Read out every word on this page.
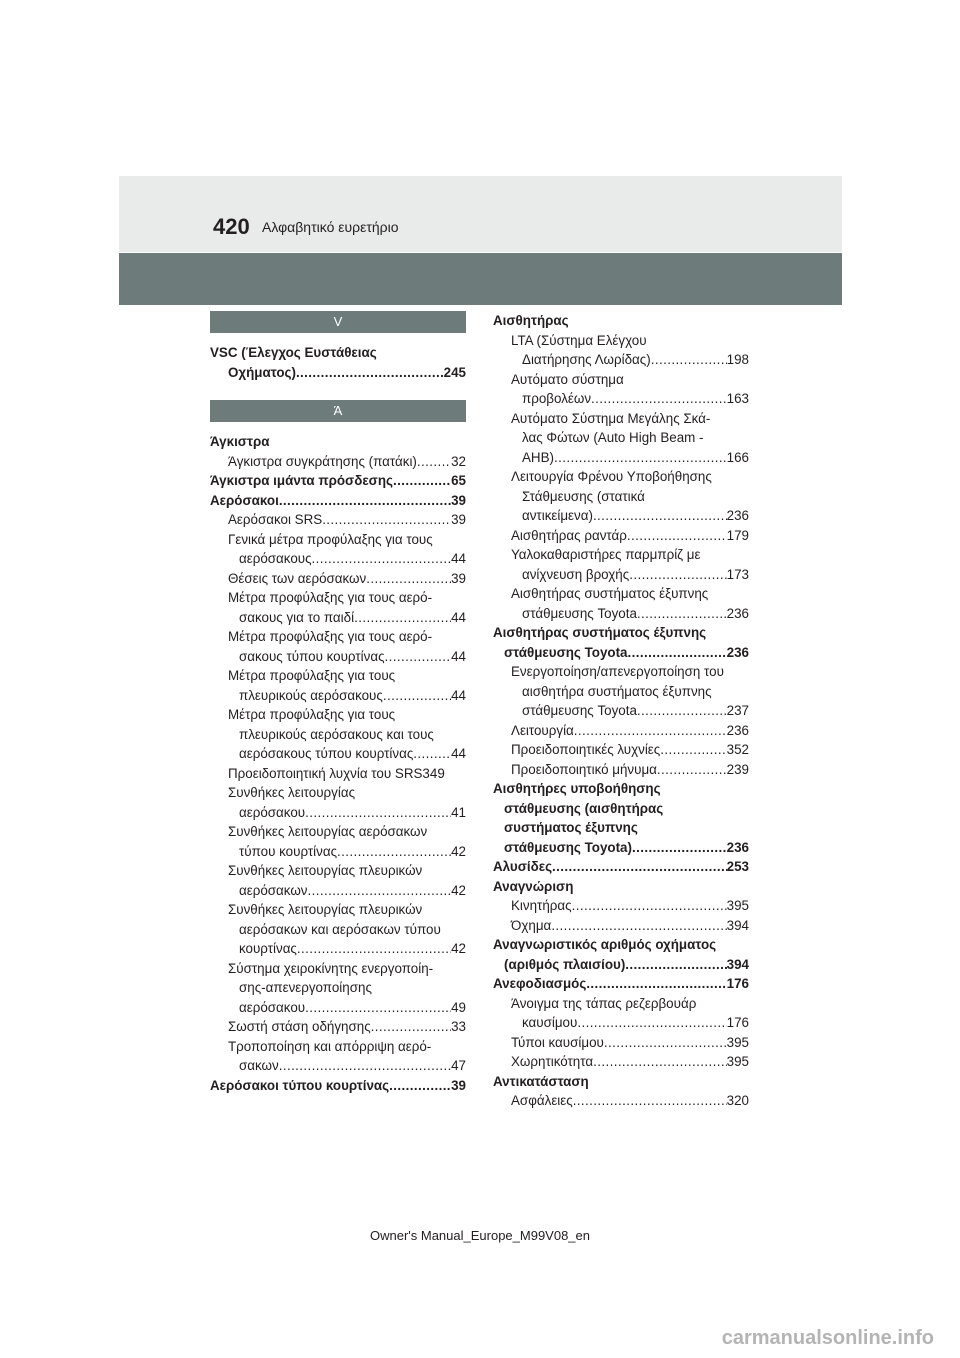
420 Αλφαβητικό ευρετήριο
V
VSC (Έλεγχος Ευστάθειας
Οχήματος) .....	245
Ά
Άγκιστρα
Άγκιστρα συγκράτησης (πατάκι) .....	32
Άγκιστρα ιμάντα πρόσδεσης .....	65
Αερόσακοι .....	39
Αερόσακοι SRS .....	39
Γενικά μέτρα προφύλαξης για τους
αερόσακους .....	44
Θέσεις των αερόσακων .....	39
Μέτρα προφύλαξης για τους αερό-
σακους για το παιδί .....	44
Μέτρα προφύλαξης για τους αερό-
σακους τύπου κουρτίνας .....	44
Μέτρα προφύλαξης για τους
πλευρικούς αερόσακους .....	44
Μέτρα προφύλαξης για τους
πλευρικούς αερόσακους και τους
αερόσακους τύπου κουρτίνας .....	44
Προειδοποιητική λυχνία του SRS 349
Συνθήκες λειτουργίας
αερόσακου .....	41
Συνθήκες λειτουργίας αερόσακων
τύπου κουρτίνας .....	42
Συνθήκες λειτουργίας πλευρικών
αερόσακων .....	42
Συνθήκες λειτουργίας πλευρικών
αερόσακων και αερόσακων τύπου
κουρτίνας .....	42
Σύστημα χειροκίνητης ενεργοποίη-
σης-απενεργοποίησης
αερόσακου .....	49
Σωστή στάση οδήγησης .....	33
Τροποποίηση και απόρριψη αερό-
σακων .....	47
Αερόσακοι τύπου κουρτίνας .....	39
Αισθητήρας
LTA (Σύστημα Ελέγχου
Διατήρησης Λωρίδας) .....	198
Αυτόματο σύστημα
προβολέων .....	163
Αυτόματο Σύστημα Μεγάλης Σκά-
λας Φώτων (Auto High Beam -
AHB) .....	166
Λειτουργία Φρένου Υποβοήθησης
Στάθμευσης (στατικά
αντικείμενα) .....	236
Αισθητήρας ραντάρ .....	179
Υαλοκαθαριστήρες παρμπρίζ με
ανίχνευση βροχής .....	173
Αισθητήρας συστήματος έξυπνης
στάθμευσης Toyota .....	236
Αισθητήρας συστήματος έξυπνης
στάθμευσης Toyota .....	236
Ενεργοποίηση/απενεργοποίηση του
αισθητήρα συστήματος έξυπνης
στάθμευσης Toyota .....	237
Λειτουργία .....	236
Προειδοποιητικές λυχνίες .....	352
Προειδοποιητικό μήνυμα .....	239
Αισθητήρες υποβοήθησης
στάθμευσης (αισθητήρας
συστήματος έξυπνης
στάθμευσης Toyota) .....	236
Αλυσίδες .....	253
Αναγνώριση
Κινητήρας .....	395
Όχημα .....	394
Αναγνωριστικός αριθμός οχήματος
(αριθμός πλαισίου) .....	394
Ανεφοδιασμός .....	176
Άνοιγμα της τάπας ρεζερβουάρ
καυσίμου .....	176
Τύποι καυσίμου .....	395
Χωρητικότητα .....	395
Αντικατάσταση
Ασφάλειες .....	320
Owner's Manual_Europe_M99V08_en
carmanualsonline.info
